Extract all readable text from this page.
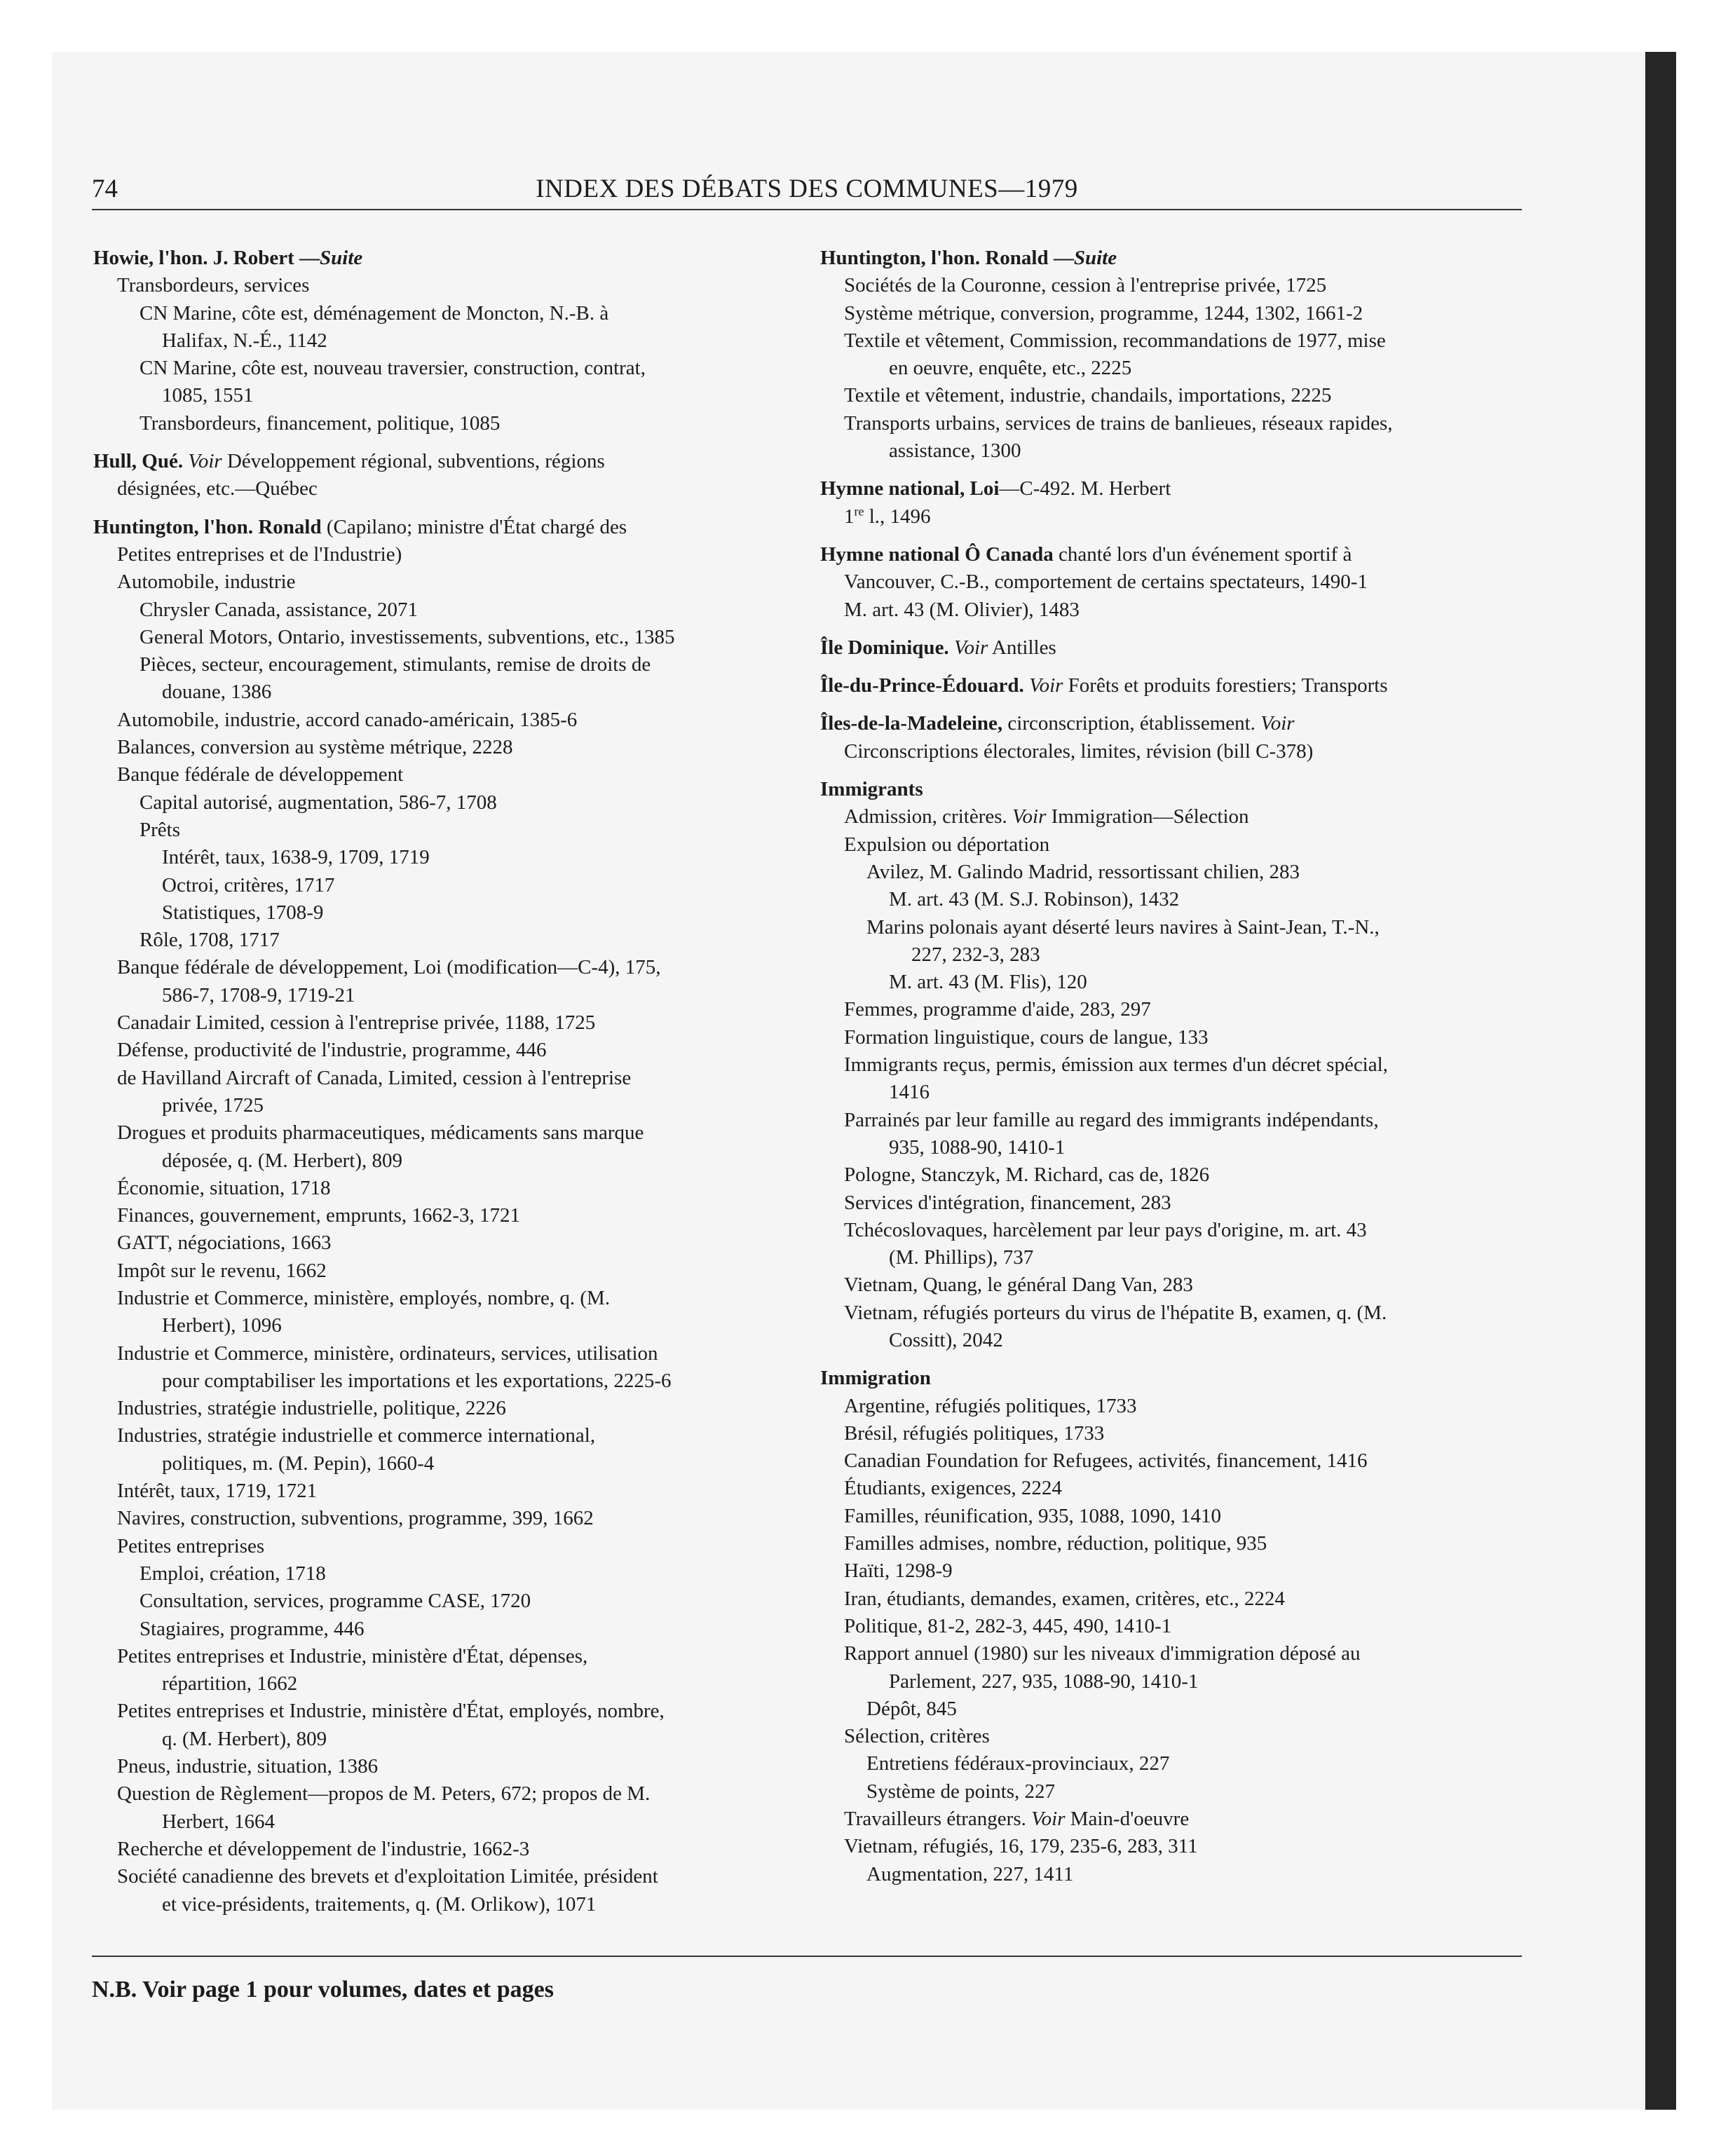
74	INDEX DES DÉBATS DES COMMUNES—1979
Howie, l'hon. J. Robert —Suite
Transbordeurs, services
CN Marine, côte est, déménagement de Moncton, N.-B. à
Halifax, N.-É., 1142
CN Marine, côte est, nouveau traversier, construction, contrat,
1085, 1551
Transbordeurs, financement, politique, 1085
Hull, Qué. Voir Développement régional, subventions, régions
désignées, etc.—Québec
Huntington, l'hon. Ronald (Capilano; ministre d'État chargé des
Petites entreprises et de l'Industrie)
Automobile, industrie
Chrysler Canada, assistance, 2071
General Motors, Ontario, investissements, subventions, etc., 1385
Pièces, secteur, encouragement, stimulants, remise de droits de
douane, 1386
Automobile, industrie, accord canado-américain, 1385-6
Balances, conversion au système métrique, 2228
Banque fédérale de développement
Capital autorisé, augmentation, 586-7, 1708
Prêts
Intérêt, taux, 1638-9, 1709, 1719
Octroi, critères, 1717
Statistiques, 1708-9
Rôle, 1708, 1717
Banque fédérale de développement, Loi (modification—C-4), 175,
586-7, 1708-9, 1719-21
Canadair Limited, cession à l'entreprise privée, 1188, 1725
Défense, productivité de l'industrie, programme, 446
de Havilland Aircraft of Canada, Limited, cession à l'entreprise
privée, 1725
Drogues et produits pharmaceutiques, médicaments sans marque
déposée, q. (M. Herbert), 809
Économie, situation, 1718
Finances, gouvernement, emprunts, 1662-3, 1721
GATT, négociations, 1663
Impôt sur le revenu, 1662
Industrie et Commerce, ministère, employés, nombre, q. (M.
Herbert), 1096
Industrie et Commerce, ministère, ordinateurs, services, utilisation
pour comptabiliser les importations et les exportations, 2225-6
Industries, stratégie industrielle, politique, 2226
Industries, stratégie industrielle et commerce international,
politiques, m. (M. Pepin), 1660-4
Intérêt, taux, 1719, 1721
Navires, construction, subventions, programme, 399, 1662
Petites entreprises
Emploi, création, 1718
Consultation, services, programme CASE, 1720
Stagiaires, programme, 446
Petites entreprises et Industrie, ministère d'État, dépenses,
répartition, 1662
Petites entreprises et Industrie, ministère d'État, employés, nombre,
q. (M. Herbert), 809
Pneus, industrie, situation, 1386
Question de Règlement—propos de M. Peters, 672; propos de M.
Herbert, 1664
Recherche et développement de l'industrie, 1662-3
Société canadienne des brevets et d'exploitation Limitée, président
et vice-présidents, traitements, q. (M. Orlikow), 1071
Huntington, l'hon. Ronald —Suite
Sociétés de la Couronne, cession à l'entreprise privée, 1725
Système métrique, conversion, programme, 1244, 1302, 1661-2
Textile et vêtement, Commission, recommandations de 1977, mise
en oeuvre, enquête, etc., 2225
Textile et vêtement, industrie, chandails, importations, 2225
Transports urbains, services de trains de banlieues, réseaux rapides,
assistance, 1300
Hymne national, Loi—C-492. M. Herbert
1re l., 1496
Hymne national Ô Canada chanté lors d'un événement sportif à
Vancouver, C.-B., comportement de certains spectateurs, 1490-1
M. art. 43 (M. Olivier), 1483
Île Dominique. Voir Antilles
Île-du-Prince-Édouard. Voir Forêts et produits forestiers; Transports
Îles-de-la-Madeleine, circonscription, établissement. Voir
Circonscriptions électorales, limites, révision (bill C-378)
Immigrants
Admission, critères. Voir Immigration—Sélection
Expulsion ou déportation
Avilez, M. Galindo Madrid, ressortissant chilien, 283
M. art. 43 (M. S.J. Robinson), 1432
Marins polonais ayant déserté leurs navires à Saint-Jean, T.-N.,
227, 232-3, 283
M. art. 43 (M. Flis), 120
Femmes, programme d'aide, 283, 297
Formation linguistique, cours de langue, 133
Immigrants reçus, permis, émission aux termes d'un décret spécial,
1416
Parrainés par leur famille au regard des immigrants indépendants,
935, 1088-90, 1410-1
Pologne, Stanczyk, M. Richard, cas de, 1826
Services d'intégration, financement, 283
Tchécoslovaques, harcèlement par leur pays d'origine, m. art. 43
(M. Phillips), 737
Vietnam, Quang, le général Dang Van, 283
Vietnam, réfugiés porteurs du virus de l'hépatite B, examen, q. (M.
Cossitt), 2042
Immigration
Argentine, réfugiés politiques, 1733
Brésil, réfugiés politiques, 1733
Canadian Foundation for Refugees, activités, financement, 1416
Étudiants, exigences, 2224
Familles, réunification, 935, 1088, 1090, 1410
Familles admises, nombre, réduction, politique, 935
Haïti, 1298-9
Iran, étudiants, demandes, examen, critères, etc., 2224
Politique, 81-2, 282-3, 445, 490, 1410-1
Rapport annuel (1980) sur les niveaux d'immigration déposé au
Parlement, 227, 935, 1088-90, 1410-1
Dépôt, 845
Sélection, critères
Entretiens fédéraux-provinciaux, 227
Système de points, 227
Travailleurs étrangers. Voir Main-d'oeuvre
Vietnam, réfugiés, 16, 179, 235-6, 283, 311
Augmentation, 227, 1411
N.B. Voir page 1 pour volumes, dates et pages
